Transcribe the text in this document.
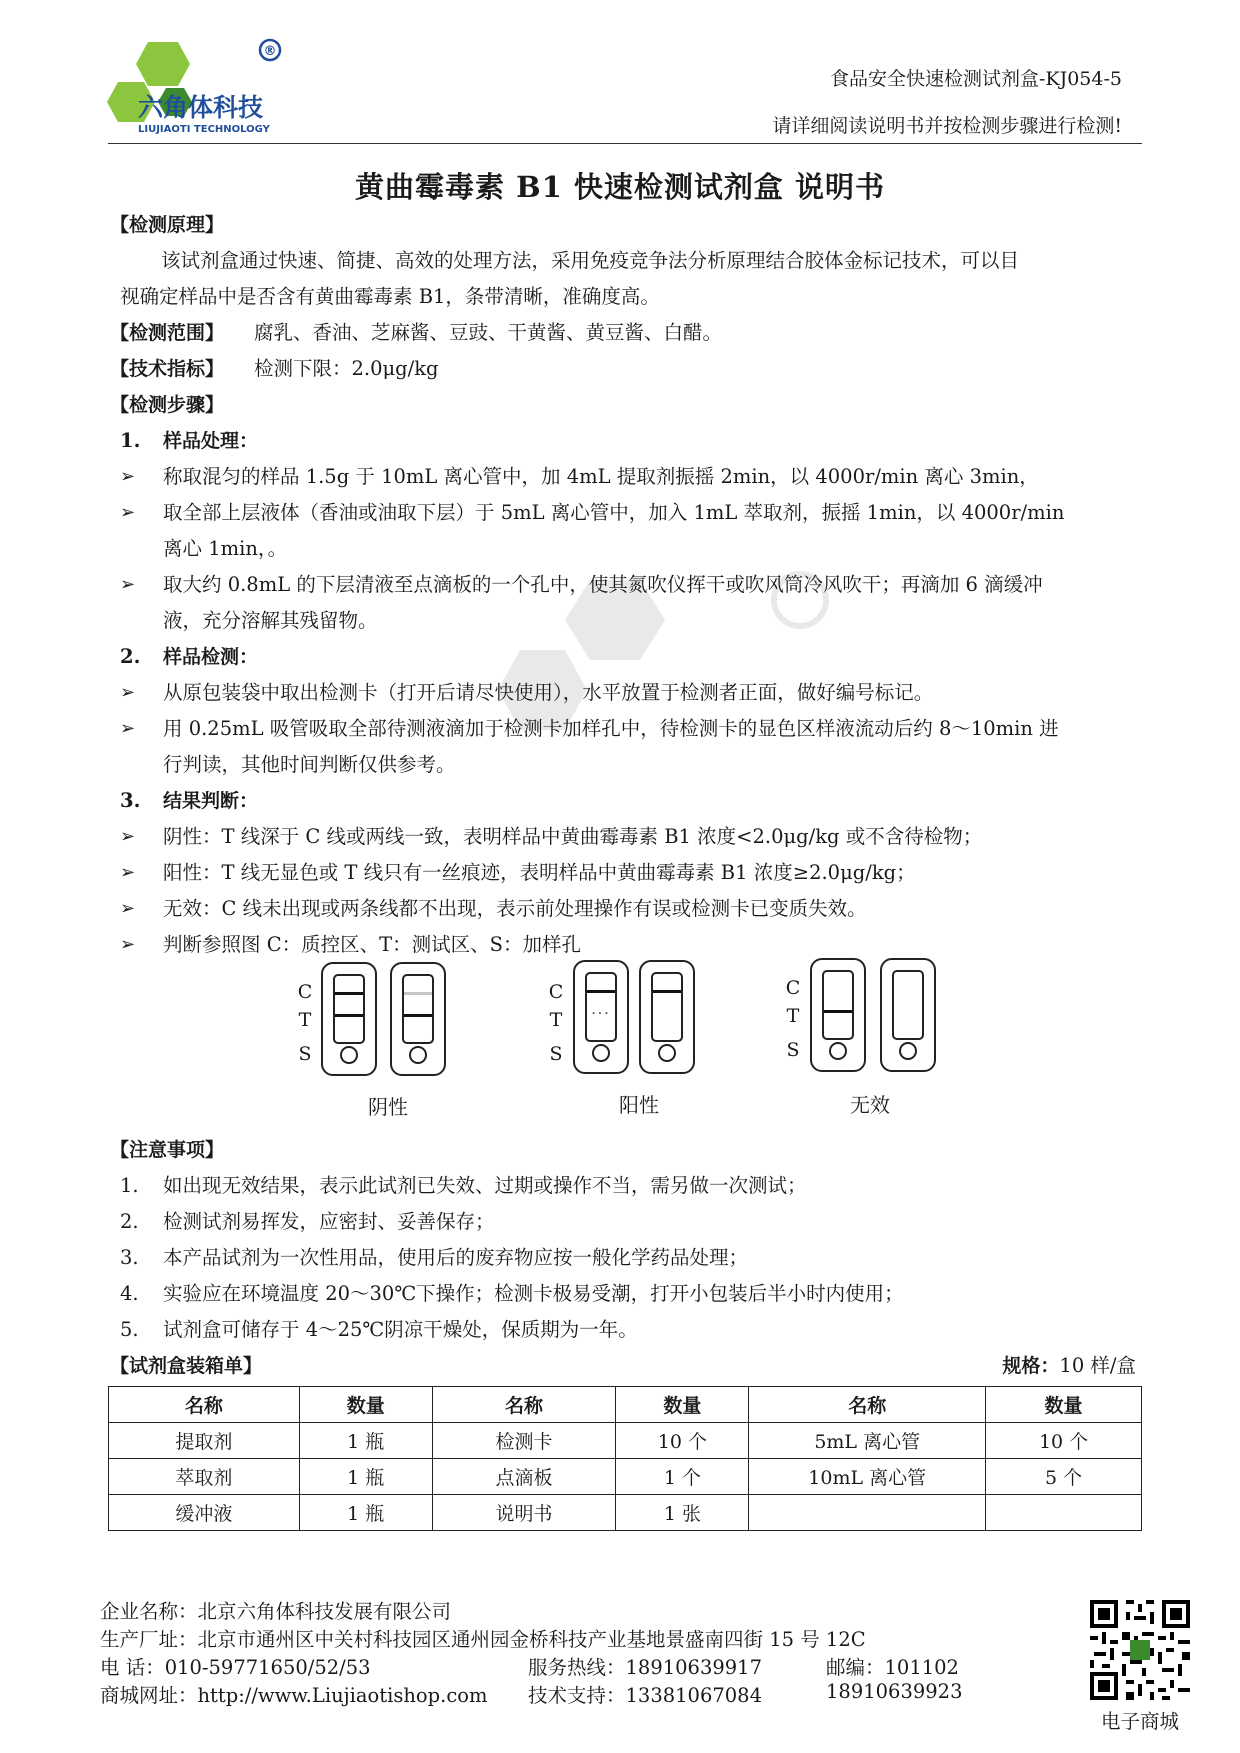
®
六角体科技
LIUJIAOTI TECHNOLOGY
食品安全快速检测试剂盒-KJ054-5
请详细阅读说明书并按检测步骤进行检测!
黄曲霉毒素 B1 快速检测试剂盒 说明书
【检测原理】
该试剂盒通过快速、简捷、高效的处理方法，采用免疫竞争法分析原理结合胶体金标记技术，可以目
视确定样品中是否含有黄曲霉毒素 B1，条带清晰，准确度高。
【检测范围】 腐乳、香油、芝麻酱、豆豉、干黄酱、黄豆酱、白醋。
【技术指标】 检测下限：2.0μg/kg
【检测步骤】
1. 样品处理：
➢ 称取混匀的样品 1.5g 于 10mL 离心管中，加 4mL 提取剂振摇 2min，以 4000r/min 离心 3min，
➢ 取全部上层液体（香油或油取下层）于 5mL 离心管中，加入 1mL 萃取剂，振摇 1min，以 4000r/min
离心 1min，。
➢ 取大约 0.8mL 的下层清液至点滴板的一个孔中，使其氮吹仪挥干或吹风筒冷风吹干；再滴加 6 滴缓冲
液，充分溶解其残留物。
2. 样品检测：
➢ 从原包装袋中取出检测卡（打开后请尽快使用），水平放置于检测者正面，做好编号标记。
➢ 用 0.25mL 吸管吸取全部待测液滴加于检测卡加样孔中，待检测卡的显色区样液流动后约 8～10min 进
行判读，其他时间判断仅供参考。
3. 结果判断：
➢ 阴性：T 线深于 C 线或两线一致，表明样品中黄曲霉毒素 B1 浓度<2.0μg/kg 或不含待检物；
➢ 阳性：T 线无显色或 T 线只有一丝痕迹，表明样品中黄曲霉毒素 B1 浓度≥2.0μg/kg；
➢ 无效：C 线未出现或两条线都不出现，表示前处理操作有误或检测卡已变质失效。
➢ 判断参照图 C：质控区、T：测试区、S：加样孔
C
T
S
阴性
C
T
S
···
阳性
C
T
S
无效
【注意事项】
1. 如出现无效结果，表示此试剂已失效、过期或操作不当，需另做一次测试；
2. 检测试剂易挥发，应密封、妥善保存；
3. 本产品试剂为一次性用品，使用后的废弃物应按一般化学药品处理；
4. 实验应在环境温度 20～30℃下操作；检测卡极易受潮，打开小包装后半小时内使用；
5. 试剂盒可储存于 4～25℃阴凉干燥处，保质期为一年。
【试剂盒装箱单】	规格：10 样/盒
名称	数量	名称	数量	名称	数量
提取剂	1 瓶	检测卡	10 个	5mL 离心管	10 个
萃取剂	1 瓶	点滴板	1 个	10mL 离心管	5 个
缓冲液	1 瓶	说明书	1 张		
企业名称：北京六角体科技发展有限公司
生产厂址：北京市通州区中关村科技园区通州园金桥科技产业基地景盛南四街 15 号 12C
电 话：010-59771650/52/53	服务热线：18910639917	邮编：101102
商城网址：http://www.Liujiaotishop.com 技术支持：13381067084	18910639923
电子商城
